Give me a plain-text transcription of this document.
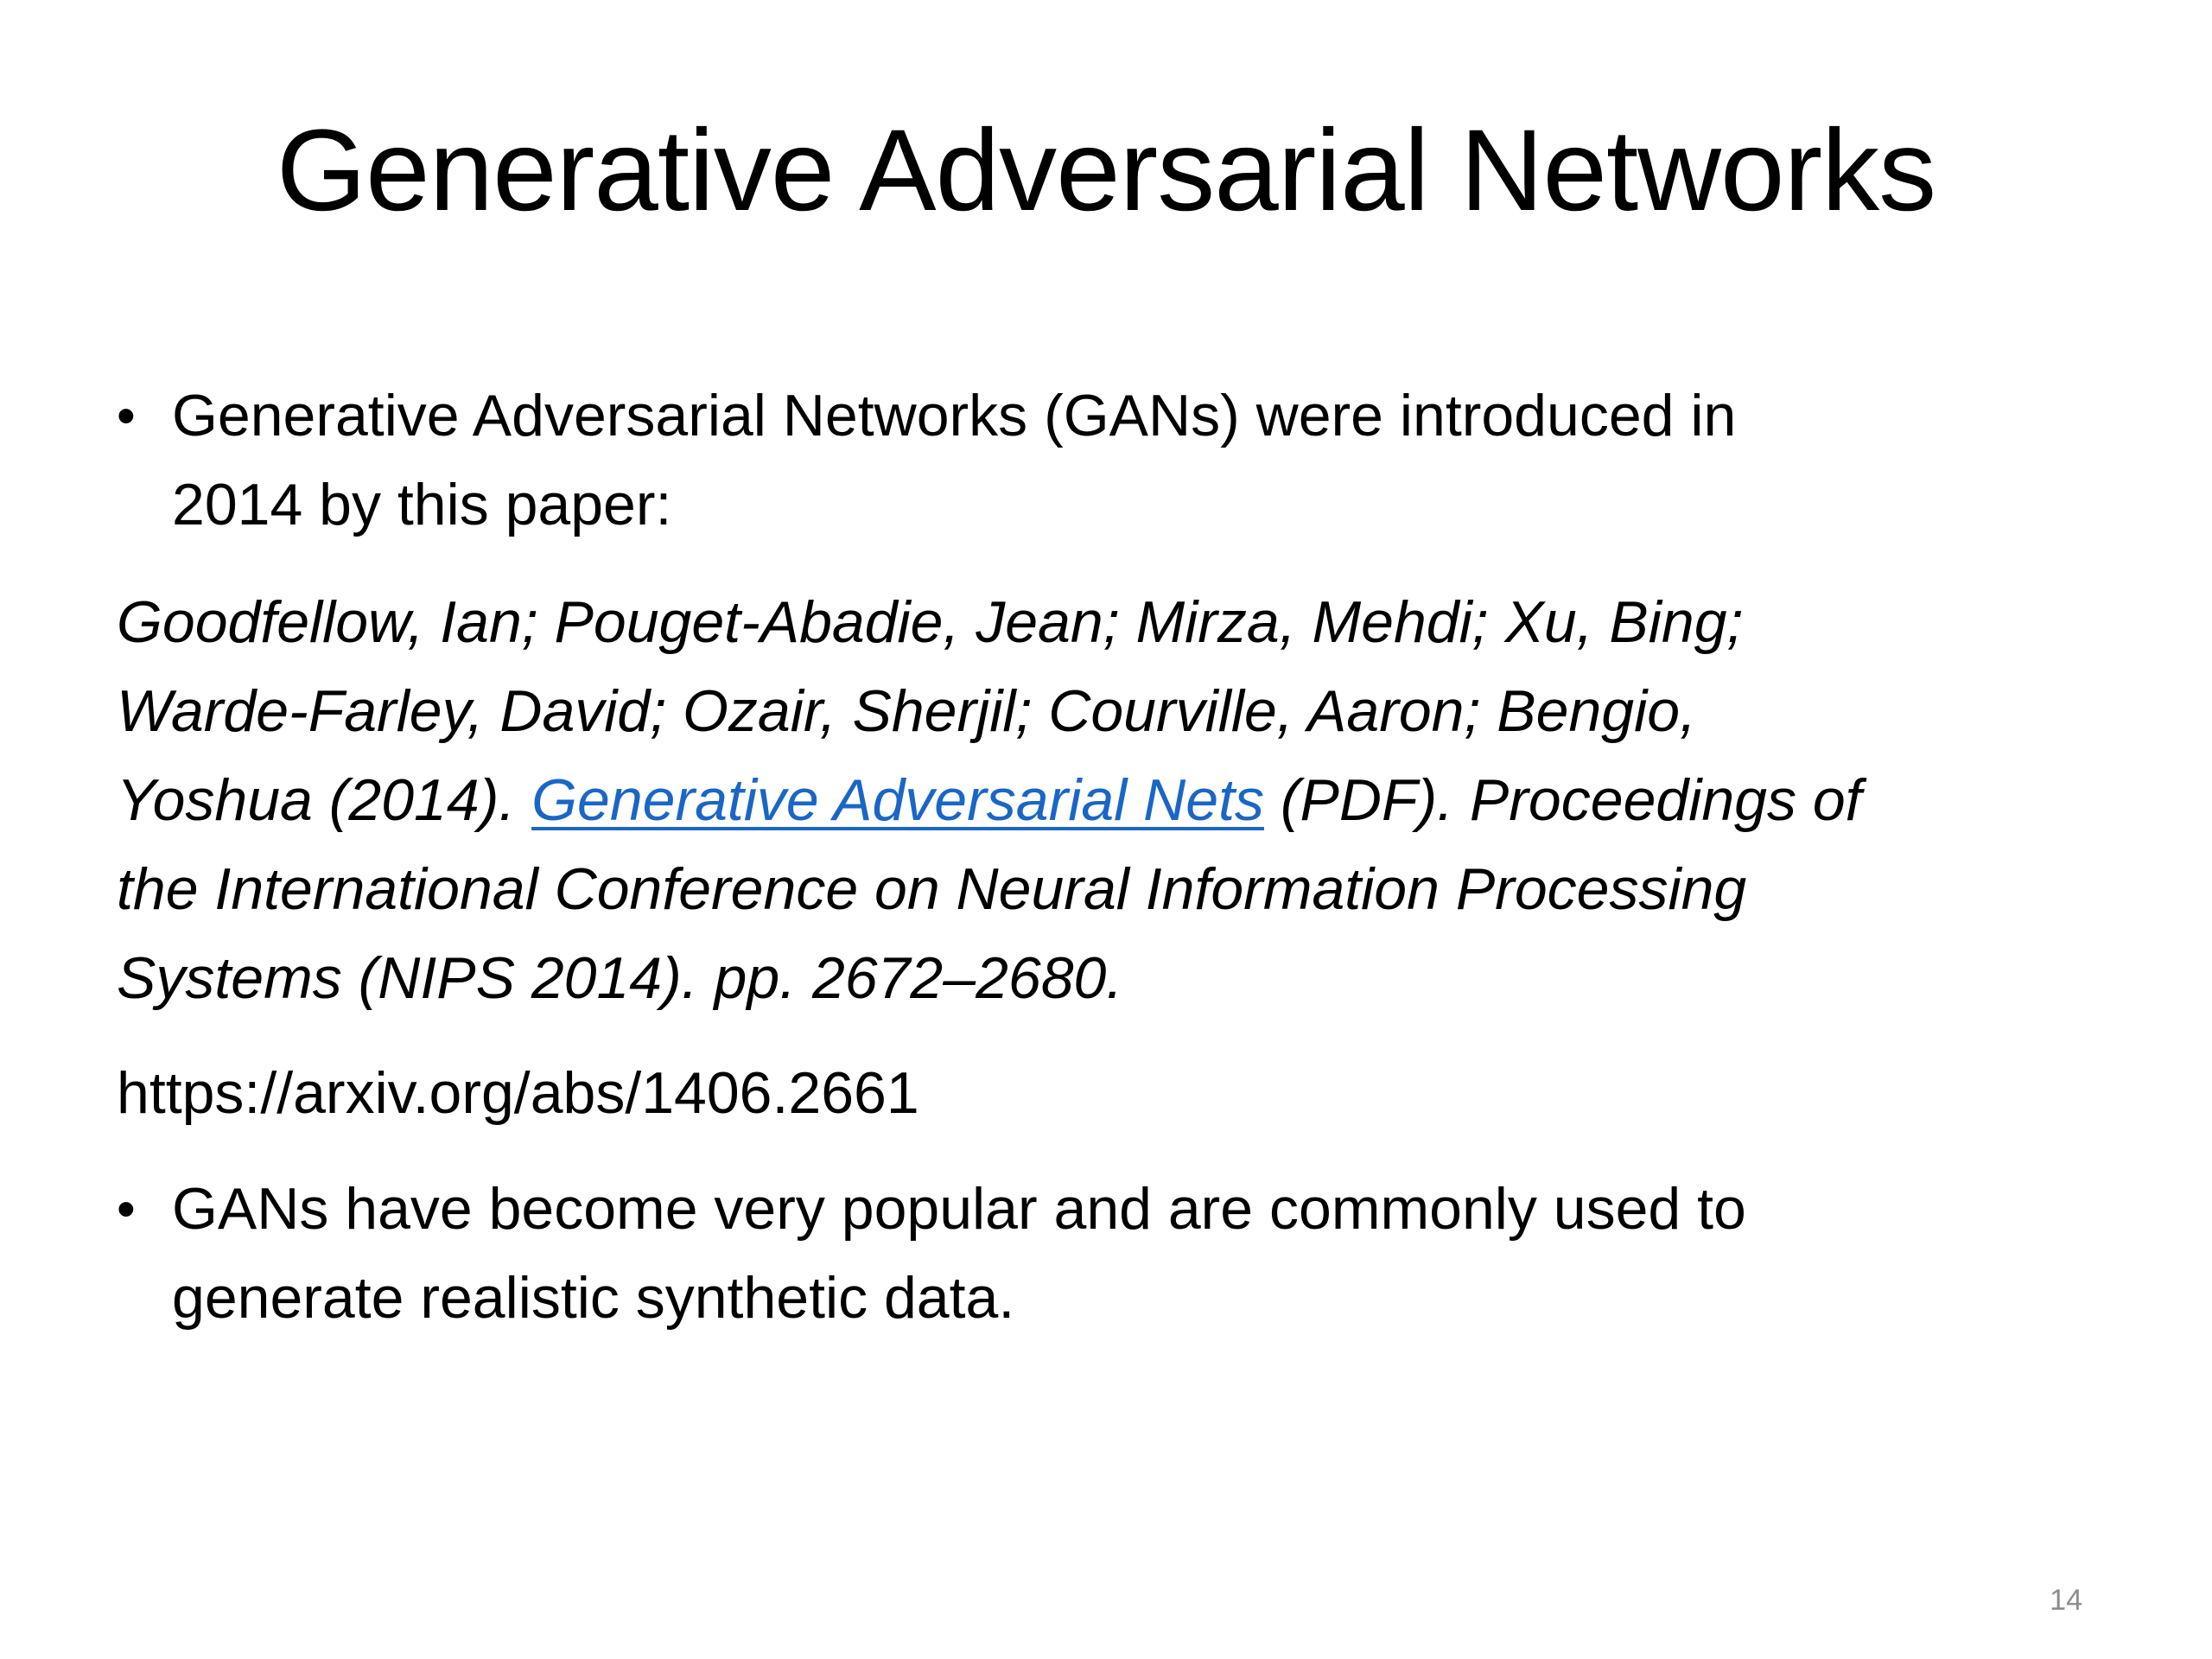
Generative Adversarial Networks
• Generative Adversarial Networks (GANs) were introduced in
2014 by this paper:
Goodfellow, Ian; Pouget-Abadie, Jean; Mirza, Mehdi; Xu, Bing;
Warde-Farley, David; Ozair, Sherjil; Courville, Aaron; Bengio,
Yoshua (2014). Generative Adversarial Nets (PDF). Proceedings of
the International Conference on Neural Information Processing
Systems (NIPS 2014). pp. 2672–2680.
https://arxiv.org/abs/1406.2661
• GANs have become very popular and are commonly used to
generate realistic synthetic data.
14
